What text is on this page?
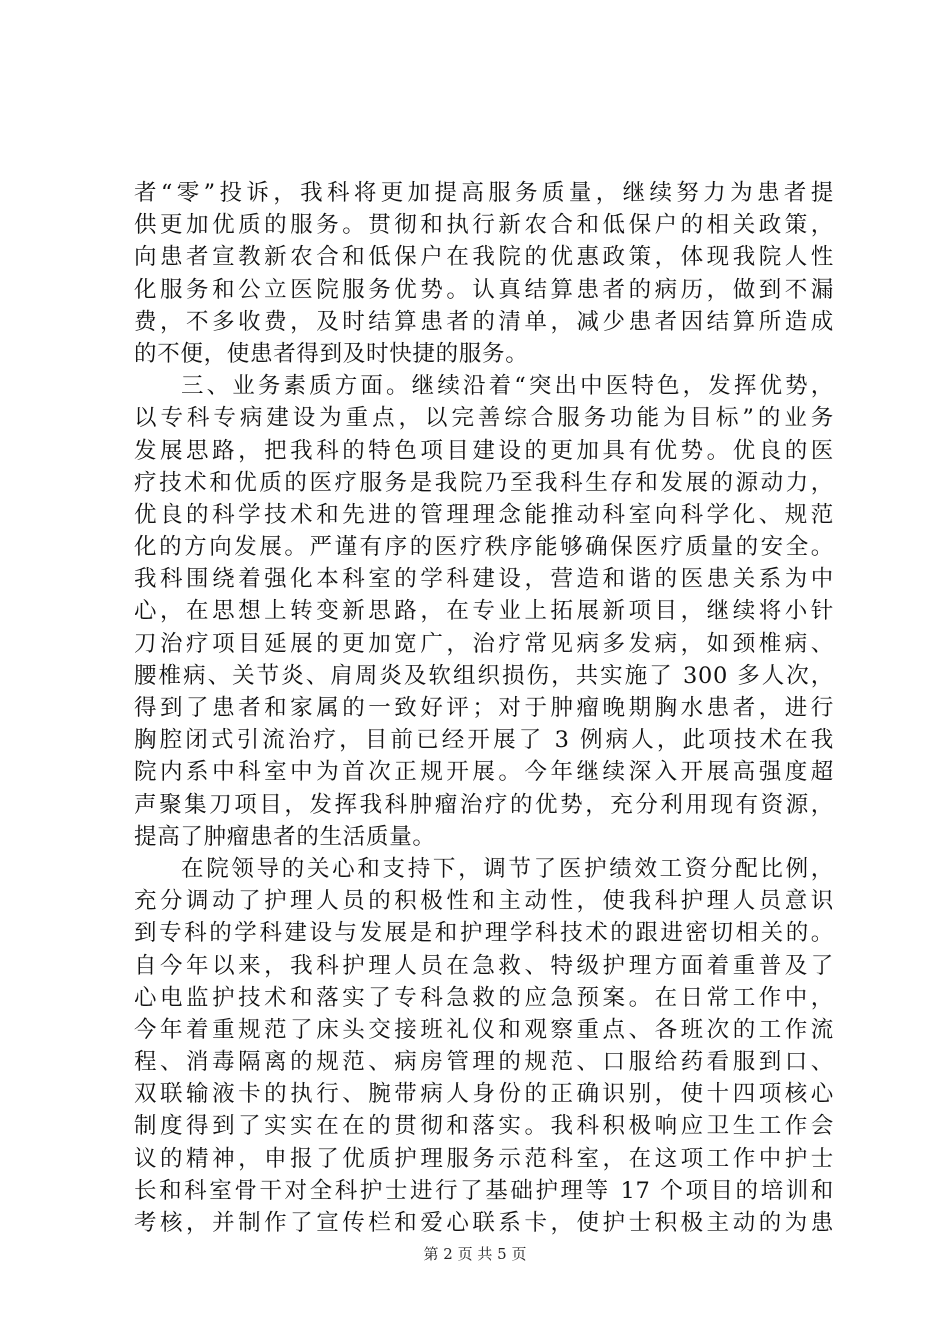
者“零”投诉，我科将更加提高服务质量，继续努力为患者提
供更加优质的服务。贯彻和执行新农合和低保户的相关政策，
向患者宣教新农合和低保户在我院的优惠政策，体现我院人性
化服务和公立医院服务优势。认真结算患者的病历，做到不漏
费，不多收费，及时结算患者的清单，减少患者因结算所造成
的不便，使患者得到及时快捷的服务。
三、业务素质方面。继续沿着“突出中医特色，发挥优势，
以专科专病建设为重点，以完善综合服务功能为目标”的业务
发展思路，把我科的特色项目建设的更加具有优势。优良的医
疗技术和优质的医疗服务是我院乃至我科生存和发展的源动力，
优良的科学技术和先进的管理理念能推动科室向科学化、规范
化的方向发展。严谨有序的医疗秩序能够确保医疗质量的安全。
我科围绕着强化本科室的学科建设，营造和谐的医患关系为中
心，在思想上转变新思路，在专业上拓展新项目，继续将小针
刀治疗项目延展的更加宽广，治疗常见病多发病，如颈椎病、
腰椎病、关节炎、肩周炎及软组织损伤，共实施了 300 多人次，
得到了患者和家属的一致好评；对于肿瘤晚期胸水患者，进行
胸腔闭式引流治疗，目前已经开展了 3 例病人，此项技术在我
院内系中科室中为首次正规开展。今年继续深入开展高强度超
声聚集刀项目，发挥我科肿瘤治疗的优势，充分利用现有资源，
提高了肿瘤患者的生活质量。
在院领导的关心和支持下，调节了医护绩效工资分配比例，
充分调动了护理人员的积极性和主动性，使我科护理人员意识
到专科的学科建设与发展是和护理学科技术的跟进密切相关的。
自今年以来，我科护理人员在急救、特级护理方面着重普及了
心电监护技术和落实了专科急救的应急预案。在日常工作中，
今年着重规范了床头交接班礼仪和观察重点、各班次的工作流
程、消毒隔离的规范、病房管理的规范、口服给药看服到口、
双联输液卡的执行、腕带病人身份的正确识别，使十四项核心
制度得到了实实在在的贯彻和落实。我科积极响应卫生工作会
议的精神，申报了优质护理服务示范科室，在这项工作中护士
长和科室骨干对全科护士进行了基础护理等 17 个项目的培训和
考核，并制作了宣传栏和爱心联系卡，使护士积极主动的为患
第 2 页 共 5 页
